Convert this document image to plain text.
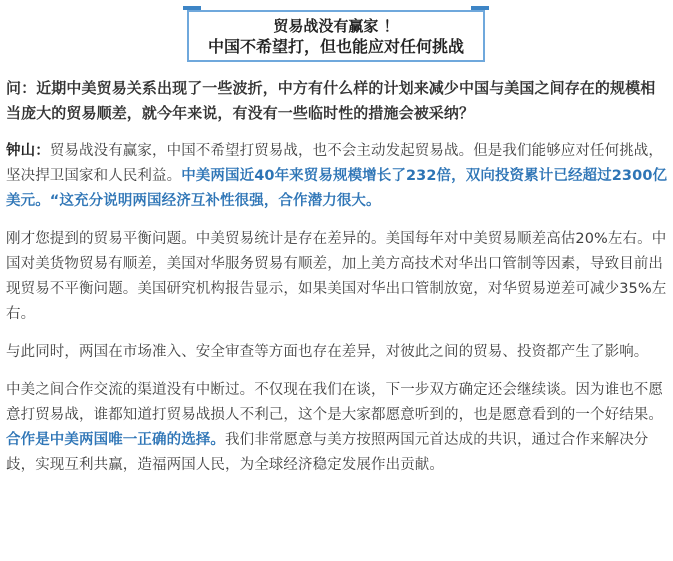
贸易战没有赢家 ！
中国不希望打，但也能应对任何挑战

问：近期中美贸易关系出现了一些波折，中方有什么样的计划来减少中国与美国之间存在的规模相当庞大的贸易顺差，就今年来说，有没有一些临时性的措施会被采纳？

钟山：贸易战没有赢家，中国不希望打贸易战，也不会主动发起贸易战。但是我们能够应对任何挑战，坚决捍卫国家和人民利益。中美两国近40年来贸易规模增长了232倍，双向投资累计已经超过2300亿美元。“这充分说明两国经济互补性很强，合作潜力很大。

刚才您提到的贸易平衡问题。中美贸易统计是存在差异的。美国每年对中美贸易顺差高估20%左右。中国对美货物贸易有顺差，美国对华服务贸易有顺差，加上美方高技术对华出口管制等因素，导致目前出现贸易不平衡问题。美国研究机构报告显示，如果美国对华出口管制放宽，对华贸易逆差可减少35%左右。

与此同时，两国在市场准入、安全审查等方面也存在差异，对彼此之间的贸易、投资都产生了影响。

中美之间合作交流的渠道没有中断过。不仅现在我们在谈，下一步双方确定还会继续谈。因为谁也不愿意打贸易战，谁都知道打贸易战损人不利己，这个是大家都愿意听到的，也是愿意看到的一个好结果。合作是中美两国唯一正确的选择。我们非常愿意与美方按照两国元首达成的共识，通过合作来解决分歧，实现互利共赢，造福两国人民，为全球经济稳定发展作出贡献。
